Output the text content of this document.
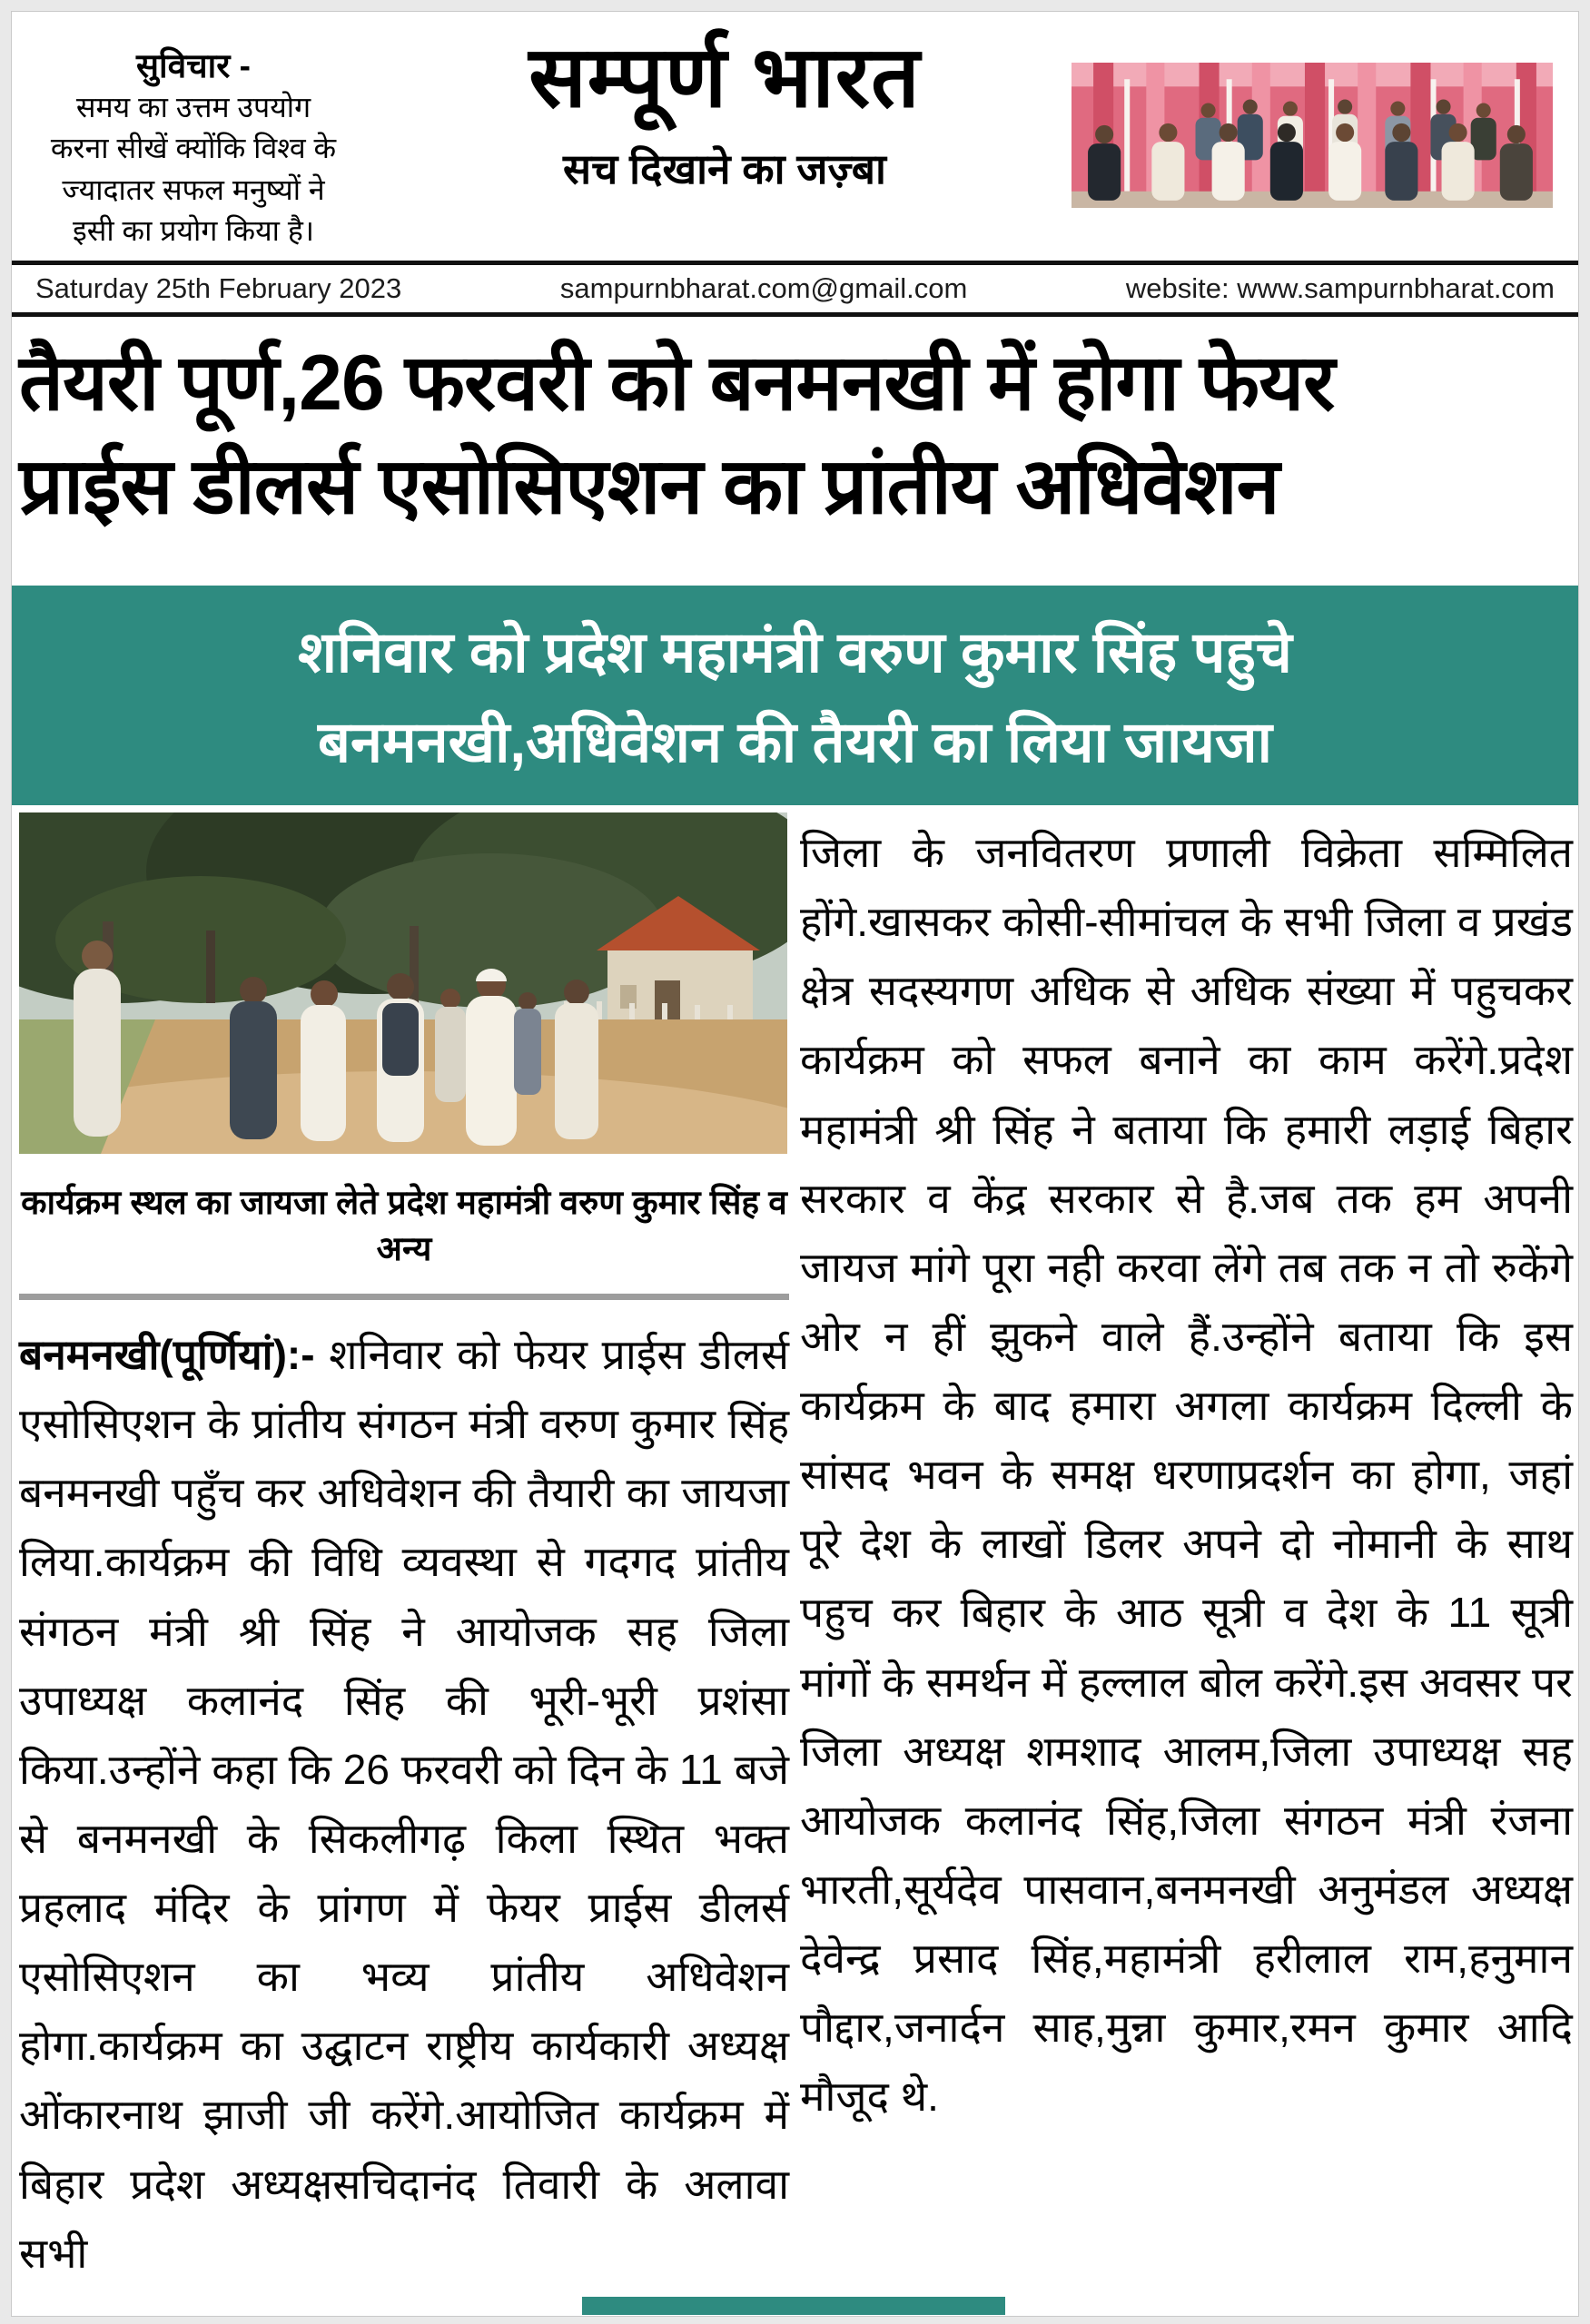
सुविचार -
समय का उत्तम उपयोग
करना सीखें क्योंकि विश्व के
ज्यादातर सफल मनुष्यों ने
इसी का प्रयोग किया है।
सम्पूर्ण भारत
सच दिखाने का जज़्बा
Saturday 25th February 2023	sampurnbharat.com@gmail.com	website: www.sampurnbharat.com
तैयरी पूर्ण,26 फरवरी को बनमनखी में होगा फेयर
प्राईस डीलर्स एसोसिएशन का प्रांतीय अधिवेशन
शनिवार को प्रदेश महामंत्री वरुण कुमार सिंह पहुचे
बनमनखी,अधिवेशन की तैयरी का लिया जायजा
कार्यक्रम स्थल का जायजा लेते प्रदेश महामंत्री वरुण कुमार सिंह व अन्य
बनमनखी(पूर्णियां):- शनिवार को फेयर प्राईस डीलर्स एसोसिएशन के प्रांतीय संगठन मंत्री वरुण कुमार सिंह बनमनखी पहुँच कर अधिवेशन की तैयारी का जायजा लिया.कार्यक्रम की विधि व्यवस्था से गदगद प्रांतीय संगठन मंत्री श्री सिंह ने आयोजक सह जिला उपाध्यक्ष कलानंद सिंह की भूरी-भूरी प्रशंसा किया.उन्होंने कहा कि 26 फरवरी को दिन के 11 बजे से बनमनखी के सिकलीगढ़ किला स्थित भक्त प्रहलाद मंदिर के प्रांगण में फेयर प्राईस डीलर्स एसोसिएशन का भव्य प्रांतीय अधिवेशन होगा.कार्यक्रम का उद्घाटन राष्ट्रीय कार्यकारी अध्यक्ष ओंकारनाथ झाजी जी करेंगे.आयोजित कार्यक्रम में बिहार प्रदेश अध्यक्षसचिदानंद तिवारी के अलावा सभी
जिला के जनवितरण प्रणाली विक्रेता सम्मिलित होंगे.खासकर कोसी-सीमांचल के सभी जिला व प्रखंड क्षेत्र सदस्यगण अधिक से अधिक संख्या में पहुचकर कार्यक्रम को सफल बनाने का काम करेंगे.प्रदेश महामंत्री श्री सिंह ने बताया कि हमारी लड़ाई बिहार सरकार व केंद्र सरकार से है.जब तक हम अपनी जायज मांगे पूरा नही करवा लेंगे तब तक न तो रुकेंगे ओर न हीं झुकने वाले हैं.उन्होंने बताया कि इस कार्यक्रम के बाद हमारा अगला कार्यक्रम दिल्ली के सांसद भवन के समक्ष धरणाप्रदर्शन का होगा, जहां पूरे देश के लाखों डिलर अपने दो नोमानी के साथ पहुच कर बिहार के आठ सूत्री व देश के 11 सूत्री मांगों के समर्थन में हल्लाल बोल करेंगे.इस अवसर पर जिला अध्यक्ष शमशाद आलम,जिला उपाध्यक्ष सह आयोजक कलानंद सिंह,जिला संगठन मंत्री रंजना भारती,सूर्यदेव पासवान,बनमनखी अनुमंडल अध्यक्ष देवेन्द्र प्रसाद सिंह,महामंत्री हरीलाल राम,हनुमान पौद्दार,जनार्दन साह,मुन्ना कुमार,रमन कुमार आदि मौजूद थे.
